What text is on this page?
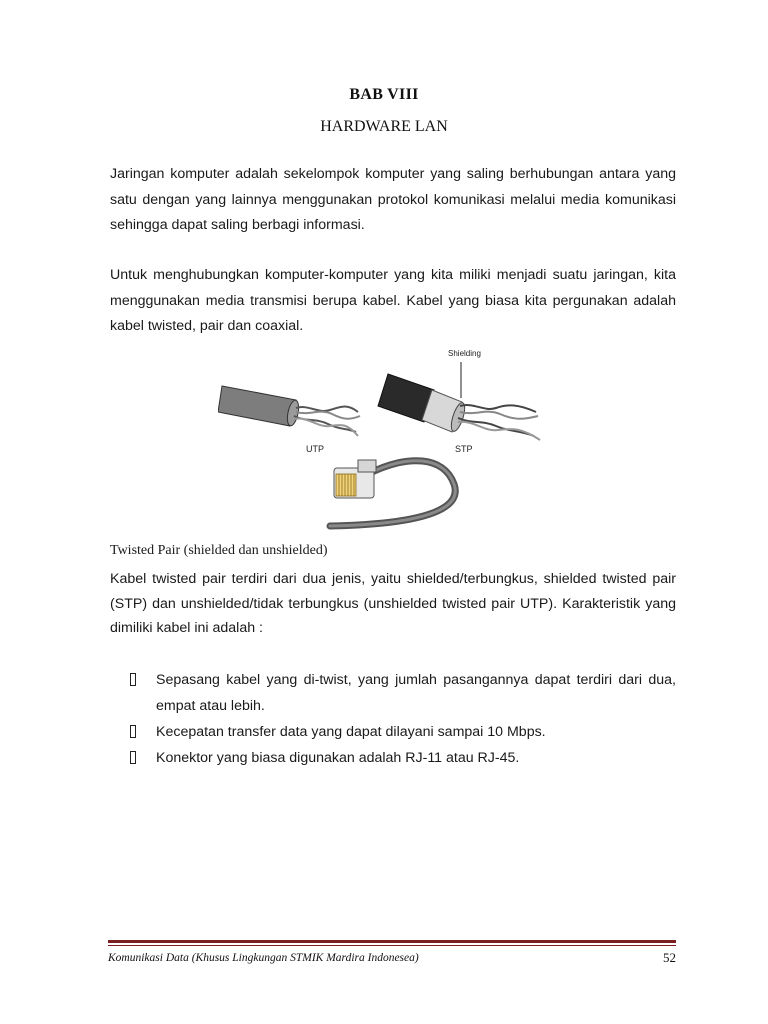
BAB VIII
HARDWARE LAN

Jaringan komputer adalah sekelompok komputer yang saling berhubungan antara yang satu dengan yang lainnya menggunakan protokol komunikasi melalui media komunikasi sehingga dapat saling berbagi informasi.

Untuk menghubungkan komputer-komputer yang kita miliki menjadi suatu jaringan, kita menggunakan media transmisi berupa kabel. Kabel yang biasa kita pergunakan adalah kabel twisted, pair dan coaxial.

UTP
Shielding
STP
Twisted Pair (shielded dan unshielded)

Kabel twisted pair terdiri dari dua jenis, yaitu shielded/terbungkus, shielded twisted pair (STP) dan unshielded/tidak terbungkus (unshielded twisted pair UTP). Karakteristik yang dimiliki kabel ini adalah :

Sepasang kabel yang di-twist, yang jumlah pasangannya dapat terdiri dari dua, empat atau lebih.
Kecepatan transfer data yang dapat dilayani sampai 10 Mbps.
Konektor yang biasa digunakan adalah RJ-11 atau RJ-45.
Komunikasi Data (Khusus Lingkungan STMIK Mardira Indonesea)	52
